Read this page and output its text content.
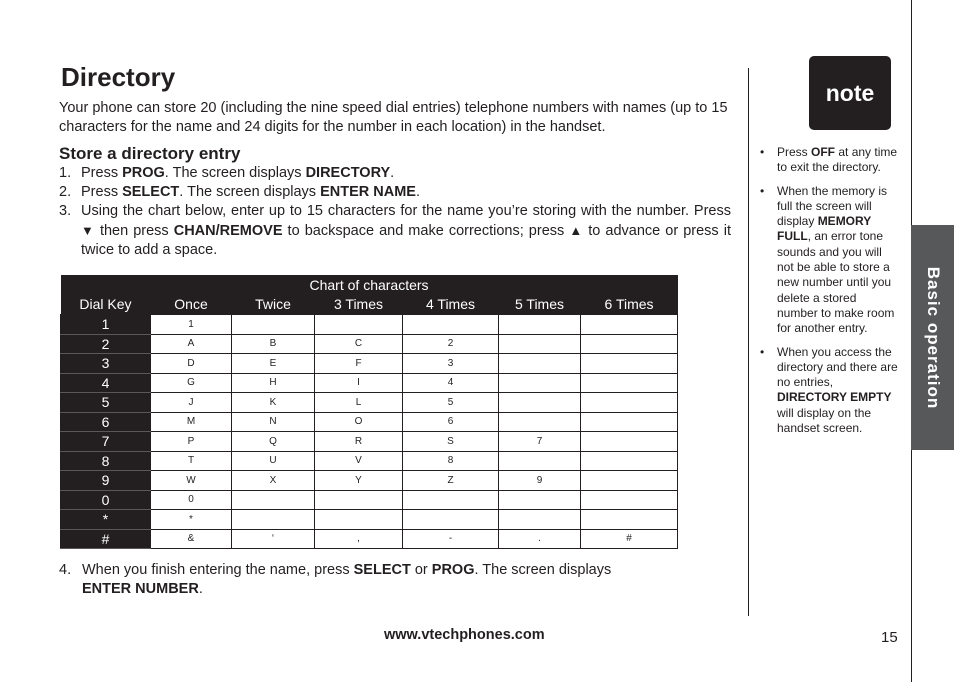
Directory

Your phone can store 20 (including the nine speed dial entries) telephone numbers with names (up to 15 characters for the name and 24 digits for the number in each location) in the handset.

Store a directory entry

1. Press PROG. The screen displays DIRECTORY.

2. Press SELECT. The screen displays ENTER NAME.

3. Using the chart below, enter up to 15 characters for the name you’re storing with the number. Press ▼ then press CHAN/REMOVE to backspace and make corrections; press ▲ to advance or press it twice to add a space.

Chart of characters						
Dial Key	Once	Twice	3 Times	4 Times	5 Times	6 Times
1	1					
2	A	B	C	2		
3	D	E	F	3		
4	G	H	I	4		
5	J	K	L	5		
6	M	N	O	6		
7	P	Q	R	S	7	
8	T	U	V	8		
9	W	X	Y	Z	9	
0	0					
*	*					
#	&	‘	,	-	.	#
4. When you finish entering the name, press SELECT or PROG. The screen displays ENTER NUMBER.
note
• Press OFF at any time to exit the directory.
• When the memory is full the screen will display MEMORY FULL, an error tone sounds and you will not be able to store a new number until you delete a stored number to make room for another entry.
• When you access the directory and there are no entries, DIRECTORY EMPTY will display on the handset screen.
Basic operation
www.vtechphones.com	15
